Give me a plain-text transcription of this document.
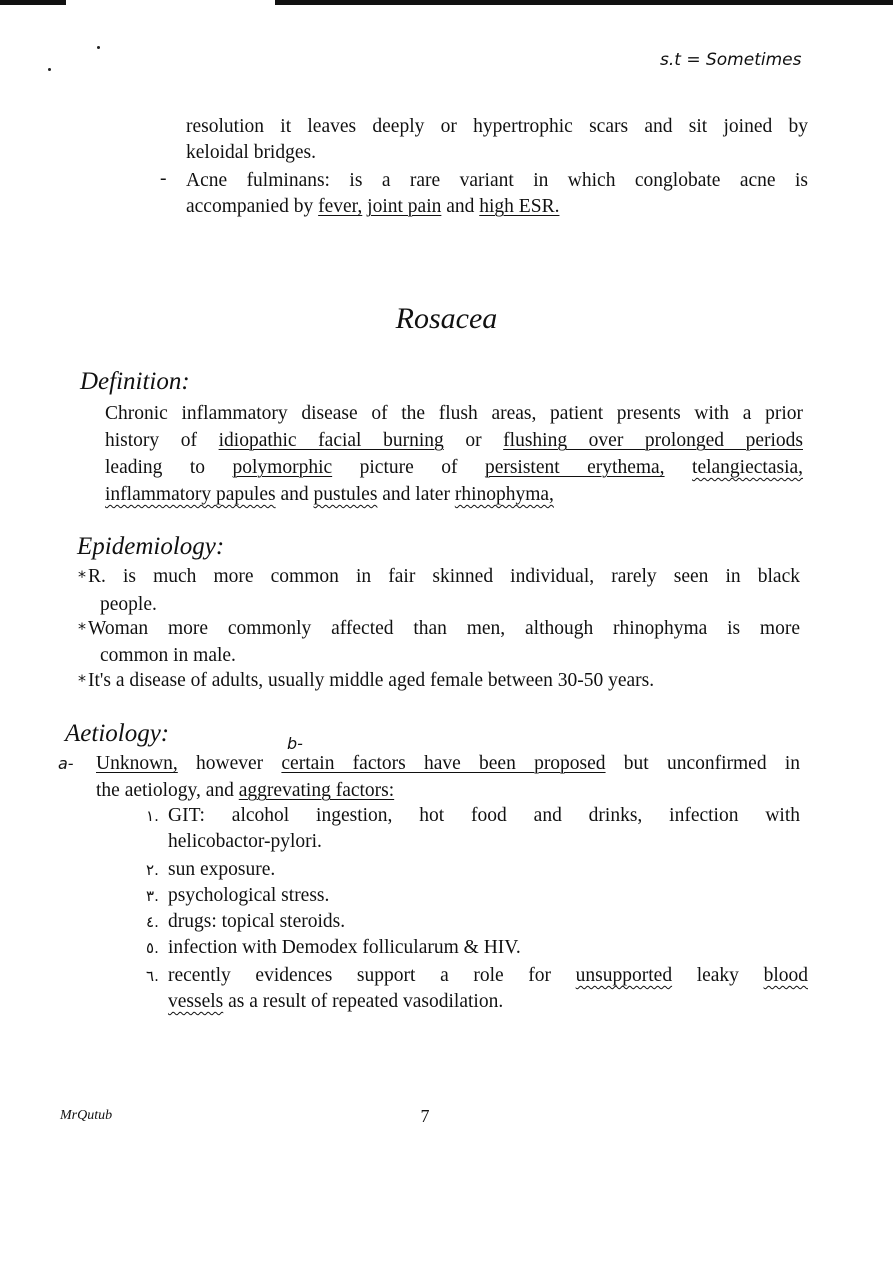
s.t = Sometimes
resolution it leaves deeply or hypertrophic scars and sit joined by
keloidal bridges.
- Acne fulminans: is a rare variant in which conglobate acne is
accompanied by fever, joint pain and high ESR.
Rosacea
Definition:
Chronic inflammatory disease of the flush areas, patient presents with a prior
history of idiopathic facial burning or flushing over prolonged periods
leading to polymorphic picture of persistent erythema, telangiectasia,
inflammatory papules and pustules and later rhinophyma,
Epidemiology:
* R. is much more common in fair skinned individual, rarely seen in black
people.
* Woman more commonly affected than men, although rhinophyma is more
common in male.
* It's a disease of adults, usually middle aged female between 30-50 years.
Aetiology:	b-
a- Unknown, however certain factors have been proposed but unconfirmed in
the aetiology, and aggrevating factors:
١. GIT: alcohol ingestion, hot food and drinks, infection with
helicobactor-pylori.
٢. sun exposure.
٣. psychological stress.
٤. drugs: topical steroids.
٥. infection with Demodex follicularum & HIV.
٦. recently evidences support a role for unsupported leaky blood
vessels as a result of repeated vasodilation.
MrQutub	7
